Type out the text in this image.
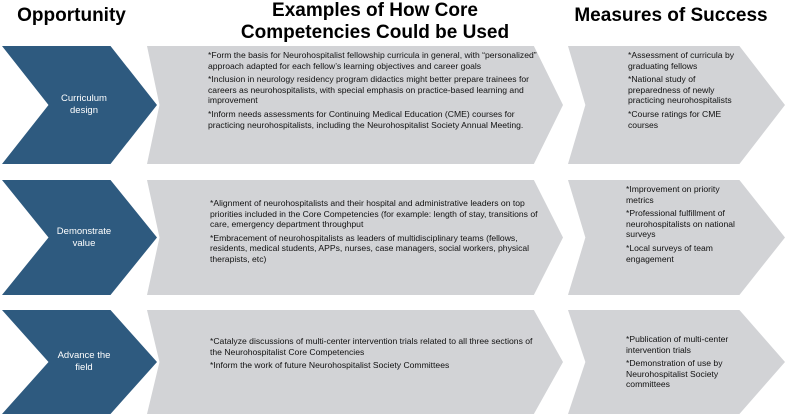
Opportunity	Examples of How Core Competencies Could be Used
Measures of Success
Curriculum design

*Form the basis for Neurohospitalist fellowship curricula in general, with “personalized” approach adapted for each fellow’s learning objectives and career goals

*Inclusion in neurology residency program didactics might better prepare trainees for careers as neurohospitalists, with special emphasis on practice-based learning and improvement

*Inform needs assessments for Continuing Medical Education (CME) courses for practicing neurohospitalists, including the Neurohospitalist Society Annual Meeting.

*Assessment of curricula by graduating fellows

*National study of preparedness of newly practicing neurohospitalists

*Course ratings for CME courses

Demonstrate value

*Alignment of neurohospitalists and their hospital and administrative leaders on top priorities included in the Core Competencies (for example: length of stay, transitions of care, emergency department throughput

*Embracement of neurohospitalists as leaders of multidisciplinary teams (fellows, residents, medical students, APPs, nurses, case managers, social workers, physical therapists, etc)

*Improvement on priority metrics

*Professional fulfillment of neurohospitalists on national surveys

*Local surveys of team engagement

Advance the field

*Catalyze discussions of multi-center intervention trials related to all three sections of the Neurohospitalist Core Competencies

*Inform the work of future Neurohospitalist Society Committees

*Publication of multi-center intervention trials

*Demonstration of use by Neurohospitalist Society committees
